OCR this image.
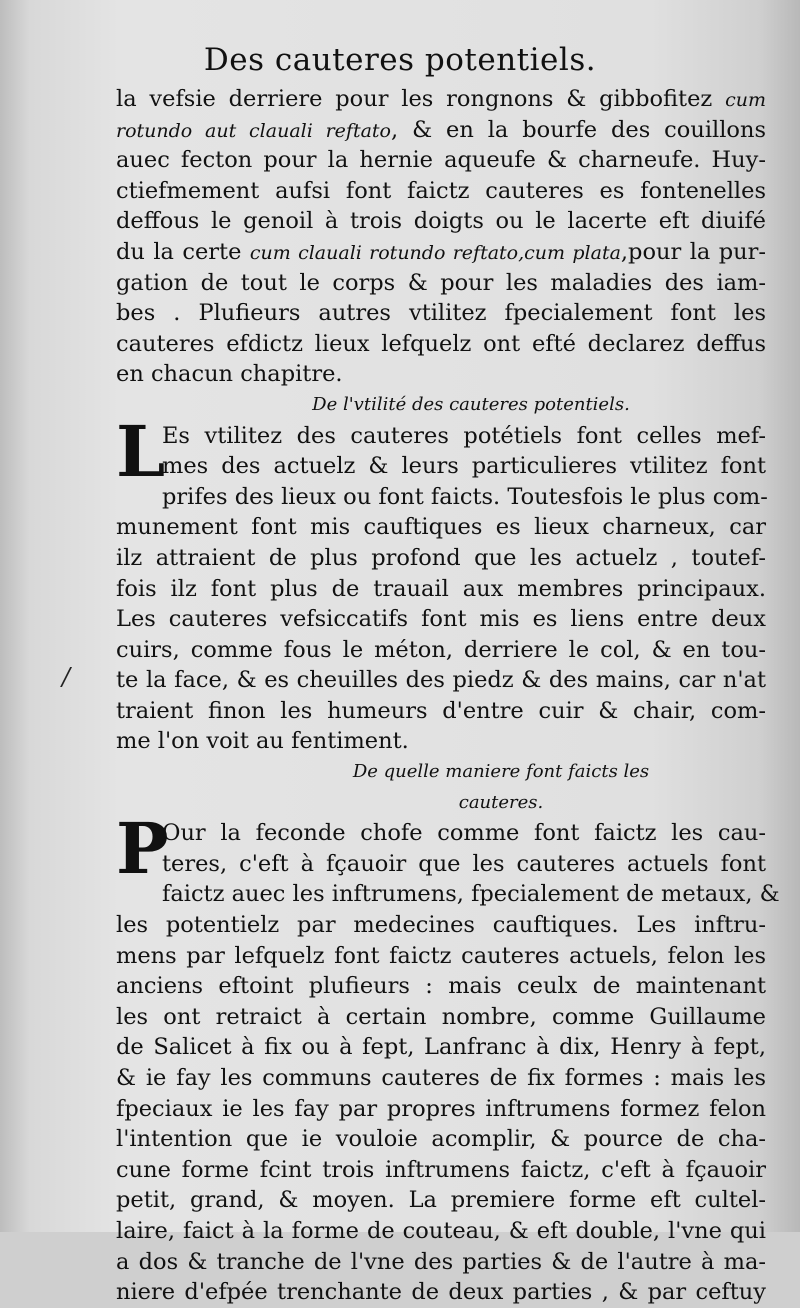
Des cauteres potentiels.
la vefsie derriere pour les rongnons & gibbofitez cum
rotundo aut clauali reftato, & en la bourfe des couillons
auec fecton pour la hernie aqueufe & charneufe. Huy-
ctiefmement aufsi font faictz cauteres es fontenelles
deffous le genoil à trois doigts ou le lacerte eft diuifé
du la certe cum clauali rotundo reftato,cum plata,pour la pur-
gation de tout le corps & pour les maladies des iam-
bes . Plufieurs autres vtilitez fpecialement font les
cauteres efdictz lieux lefquelz ont efté declarez deffus
en chacun chapitre.
De l'vtilité des cauteres potentiels.
L
Es vtilitez des cauteres potétiels font celles mef-
mes des actuelz & leurs particulieres vtilitez font
prifes des lieux ou font faicts. Toutesfois le plus com-
munement font mis cauftiques es lieux charneux, car
ilz attraient de plus profond que les actuelz , toutef-
fois ilz font plus de trauail aux membres principaux.
Les cauteres vefsiccatifs font mis es liens entre deux
cuirs, comme fous le méton, derriere le col, & en tou-
te la face, & es cheuilles des piedz & des mains, car n'at
traient finon les humeurs d'entre cuir & chair, com-
me l'on voit au fentiment.
De quelle maniere font faicts les
cauteres.
P
Our la feconde chofe comme font faictz les cau-
teres, c'eft à fçauoir que les cauteres actuels font
faictz auec les inftrumens, fpecialement de metaux, &
les potentielz par medecines cauftiques. Les inftru-
mens par lefquelz font faictz cauteres actuels, felon les
anciens eftoint plufieurs : mais ceulx de maintenant
les ont retraict à certain nombre, comme Guillaume
de Salicet à fix ou à fept, Lanfranc à dix, Henry à fept,
& ie fay les communs cauteres de fix formes : mais les
fpeciaux ie les fay par propres inftrumens formez felon
l'intention que ie vouloie acomplir, & pource de cha-
cune forme fcint trois inftrumens faictz, c'eft à fçauoir
petit, grand, & moyen. La premiere forme eft cultel-
laire, faict à la forme de couteau, & eft double, l'vne qui
a dos & tranche de l'vne des parties & de l'autre à ma-
niere d'efpée trenchante de deux parties , & par ceftuy
/
